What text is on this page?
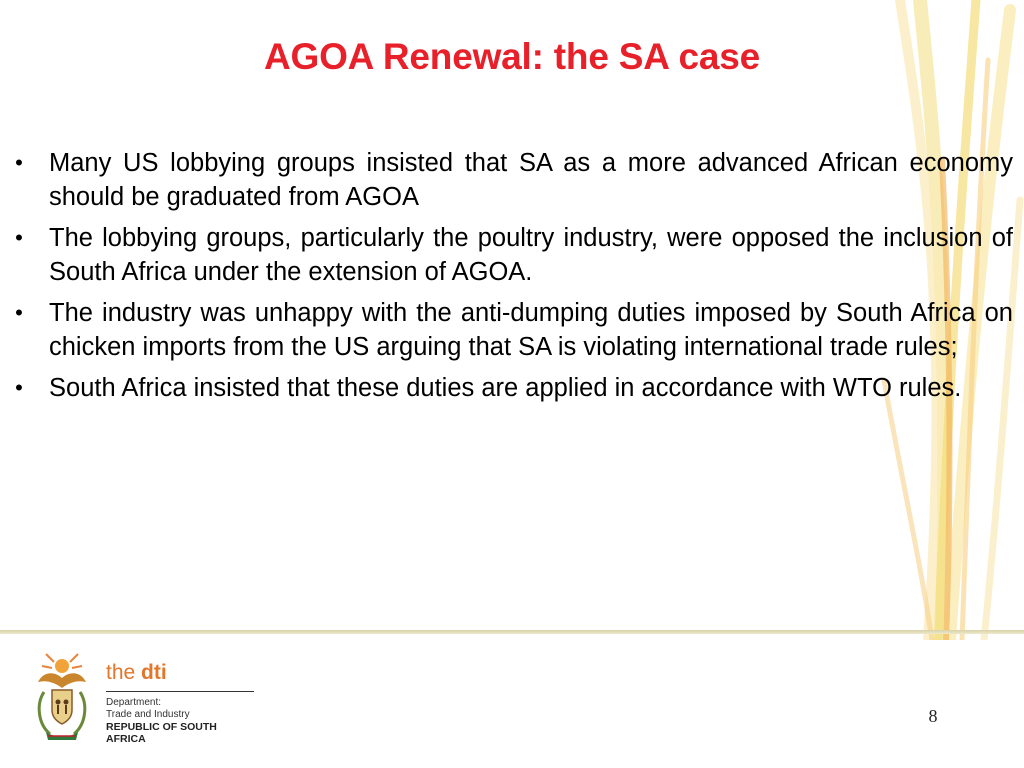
AGOA Renewal: the SA case
• Many US lobbying groups insisted that SA as a more advanced African economy should be graduated from AGOA
• The lobbying groups, particularly the poultry industry, were opposed the inclusion of South Africa under the extension of AGOA.
• The industry was unhappy with the anti-dumping duties imposed by South Africa on chicken imports from the US arguing that SA is violating international trade rules;
• South Africa insisted that these duties are applied in accordance with WTO rules.
the dti
Department:
Trade and Industry
REPUBLIC OF SOUTH AFRICA
8
